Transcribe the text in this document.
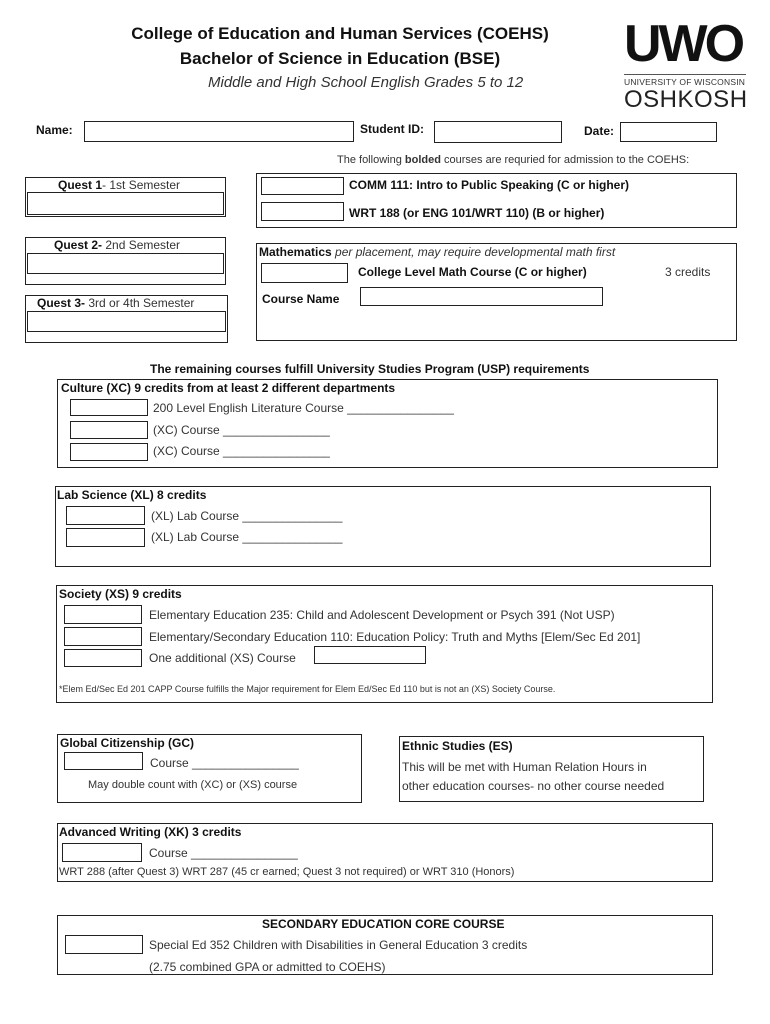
College of Education and Human Services (COEHS)
Bachelor of Science in Education (BSE)
Middle and High School English Grades 5 to 12
UWO
UNIVERSITY OF WISCONSIN
OSHKOSH
Name:	Student ID:	Date:
The following bolded courses are requried for admission to the COEHS:
Quest 1- 1st Semester
Quest 2- 2nd Semester
Quest 3- 3rd or 4th Semester
COMM 111: Intro to Public Speaking (C or higher)
WRT 188 (or ENG 101/WRT 110) (B or higher)
Mathematics per placement, may require developmental math first
College Level Math Course (C or higher)	3 credits
Course Name
The remaining courses fulfill University Studies Program (USP) requirements
Culture (XC) 9 credits from at least 2 different departments
200 Level English Literature Course ________________
(XC) Course ________________
(XC) Course ________________
Lab Science (XL) 8 credits
(XL) Lab Course _______________
(XL) Lab Course _______________
Society (XS) 9 credits
Elementary Education 235: Child and Adolescent Development or Psych 391 (Not USP)
Elementary/Secondary Education 110: Education Policy: Truth and Myths [Elem/Sec Ed 201]
One additional (XS) Course
*Elem Ed/Sec Ed 201 CAPP Course fulfills the Major requirement for Elem Ed/Sec Ed 110 but is not an (XS) Society Course.
Global Citizenship (GC)
Course ________________
May double count with (XC) or (XS) course
Ethnic Studies (ES)
This will be met with Human Relation Hours in
other education courses- no other course needed
Advanced Writing (XK) 3 credits
Course ________________
WRT 288 (after Quest 3) WRT 287 (45 cr earned; Quest 3 not required) or WRT 310 (Honors)
SECONDARY EDUCATION CORE COURSE
Special Ed 352 Children with Disabilities in General Education 3 credits
(2.75 combined GPA or admitted to COEHS)
